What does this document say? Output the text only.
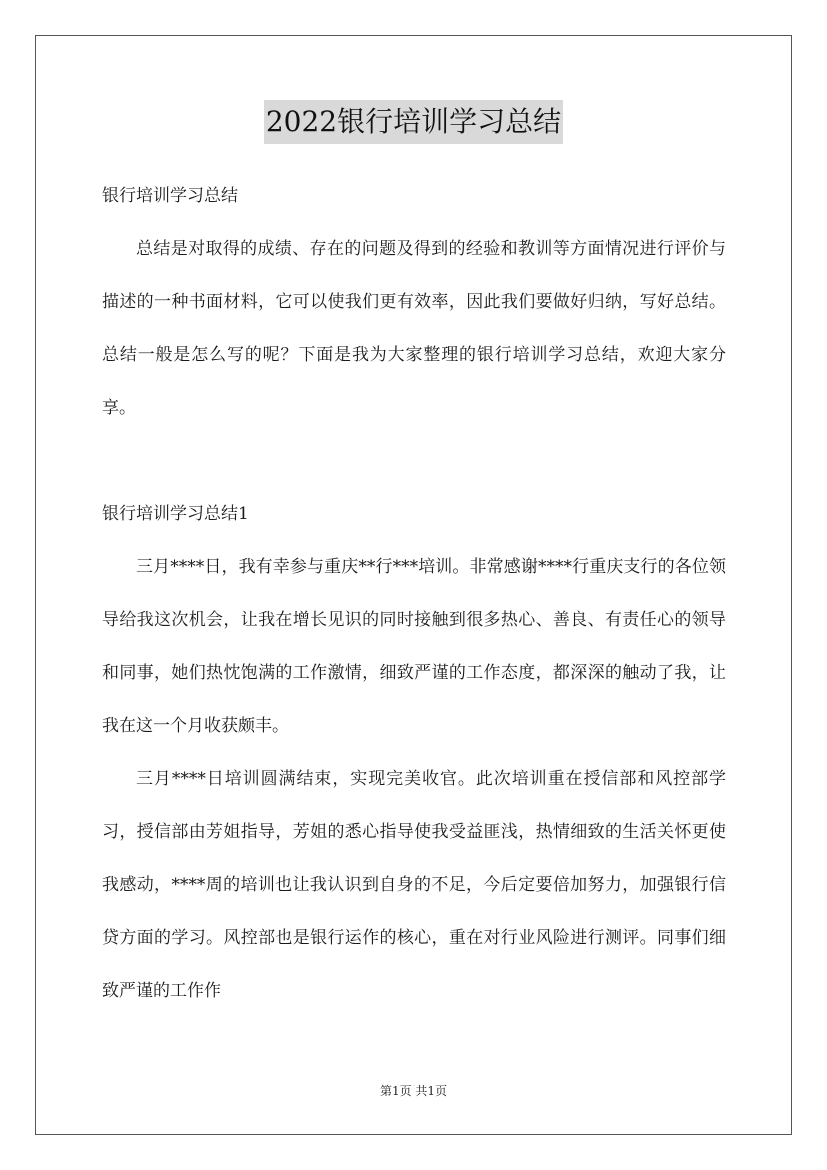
2022银行培训学习总结
银行培训学习总结

总结是对取得的成绩、存在的问题及得到的经验和教训等方面情况进行评价与描述的一种书面材料，它可以使我们更有效率，因此我们要做好归纳，写好总结。总结一般是怎么写的呢？下面是我为大家整理的银行培训学习总结，欢迎大家分享。

银行培训学习总结1

三月****日，我有幸参与重庆**行***培训。非常感谢****行重庆支行的各位领导给我这次机会，让我在增长见识的同时接触到很多热心、善良、有责任心的领导和同事，她们热忱饱满的工作激情，细致严谨的工作态度，都深深的触动了我，让我在这一个月收获颇丰。

三月****日培训圆满结束，实现完美收官。此次培训重在授信部和风控部学习，授信部由芳姐指导，芳姐的悉心指导使我受益匪浅，热情细致的生活关怀更使我感动，****周的培训也让我认识到自身的不足，今后定要倍加努力，加强银行信贷方面的学习。风控部也是银行运作的核心，重在对行业风险进行测评。同事们细致严谨的工作作

第1页 共1页
